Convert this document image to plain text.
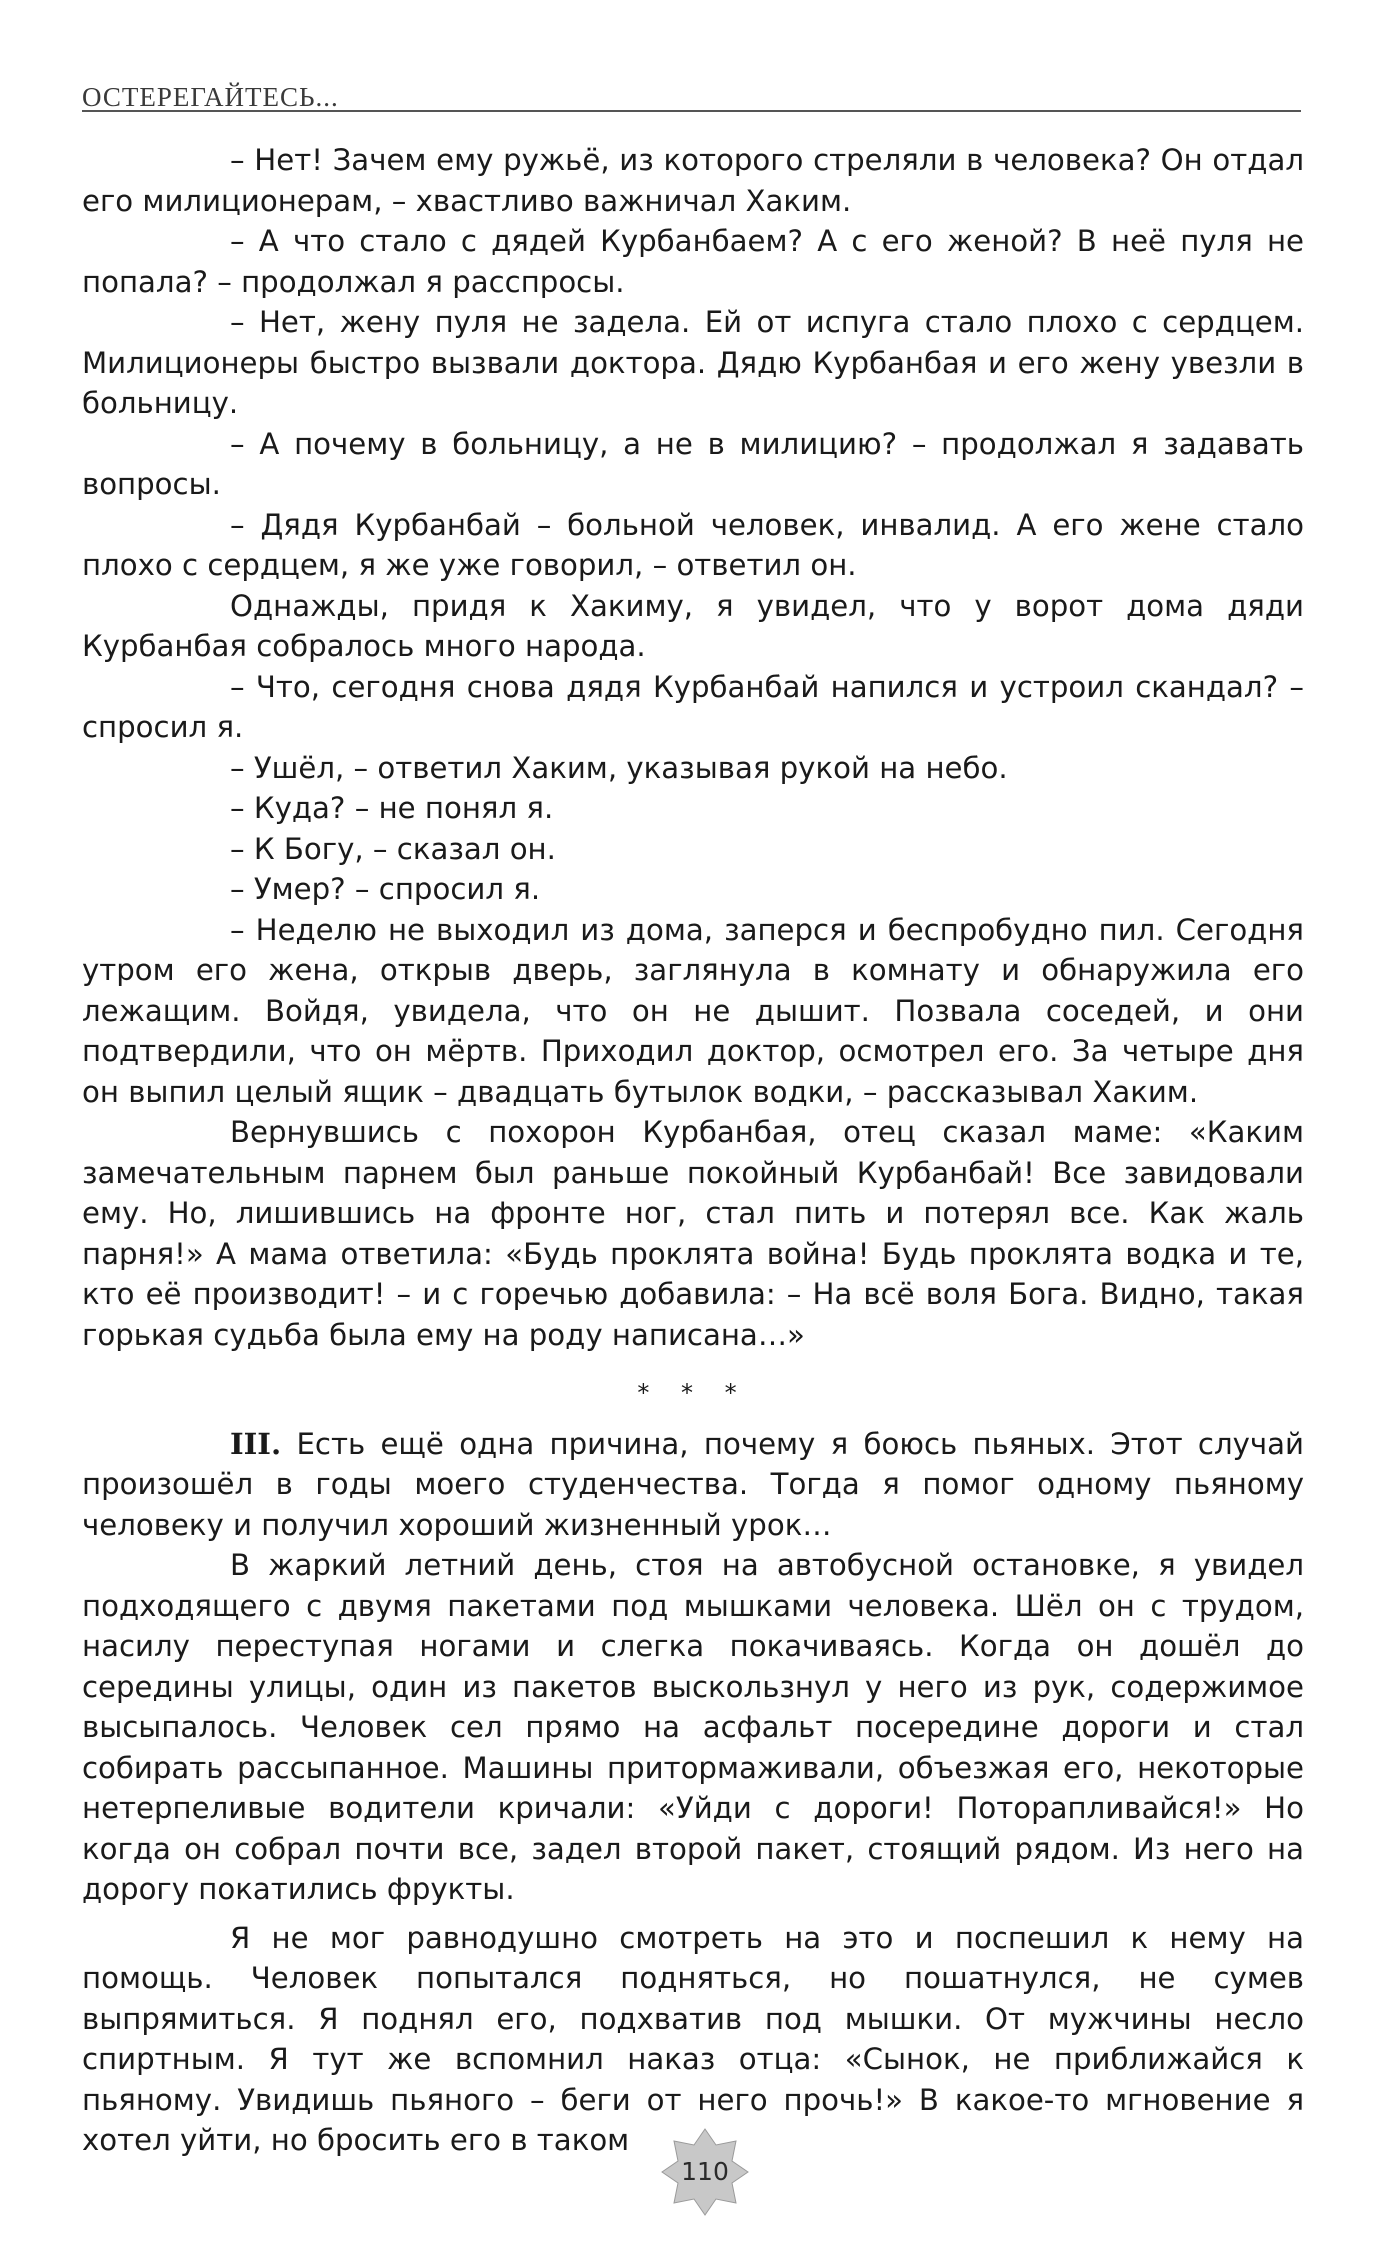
ОСТЕРЕГАЙТЕСЬ...

– Нет! Зачем ему ружьё, из которого стреляли в человека? Он отдал его милиционерам, – хвастливо важничал Хаким.

– А что стало с дядей Курбанбаем? А с его женой? В неё пуля не попала? – продолжал я расспросы.

– Нет, жену пуля не задела. Ей от испуга стало плохо с сердцем. Милиционеры быстро вызвали доктора. Дядю Курбанбая и его жену увезли в больницу.

– А почему в больницу, а не в милицию? – продолжал я задавать вопросы.

– Дядя Курбанбай – больной человек, инвалид. А его жене стало плохо с сердцем, я же уже говорил, – ответил он.

Однажды, придя к Хакиму, я увидел, что у ворот дома дяди Курбанбая собралось много народа.

– Что, сегодня снова дядя Курбанбай напился и устроил скандал? – спросил я.

– Ушёл, – ответил Хаким, указывая рукой на небо.

– Куда? – не понял я.

– К Богу, – сказал он.

– Умер? – спросил я.

– Неделю не выходил из дома, заперся и беспробудно пил. Сегодня утром его жена, открыв дверь, заглянула в комнату и обнаружила его лежащим. Войдя, увидела, что он не дышит. Позвала соседей, и они подтвердили, что он мёртв. Приходил доктор, осмотрел его. За четыре дня он выпил целый ящик – двадцать бутылок водки, – рассказывал Хаким.

Вернувшись с похорон Курбанбая, отец сказал маме: «Каким замечательным парнем был раньше покойный Курбанбай! Все завидовали ему. Но, лишившись на фронте ног, стал пить и потерял все. Как жаль парня!» А мама ответила: «Будь проклята война! Будь проклята водка и те, кто её производит! – и с горечью добавила: – На всё воля Бога. Видно, такая горькая судьба была ему на роду написана…»

* * *

III. Есть ещё одна причина, почему я боюсь пьяных. Этот случай произошёл в годы моего студенчества. Тогда я помог одному пьяному человеку и получил хороший жизненный урок…

В жаркий летний день, стоя на автобусной остановке, я увидел подходящего с двумя пакетами под мышками человека. Шёл он с трудом, насилу переступая ногами и слегка покачиваясь. Когда он дошёл до середины улицы, один из пакетов выскользнул у него из рук, содержимое высыпалось. Человек сел прямо на асфальт посередине дороги и стал собирать рассыпанное. Машины притормаживали, объезжая его, некоторые нетерпеливые водители кричали: «Уйди с дороги! Поторапливайся!» Но когда он собрал почти все, задел второй пакет, стоящий рядом. Из него на дорогу покатились фрукты.

Я не мог равнодушно смотреть на это и поспешил к нему на помощь. Человек попытался подняться, но пошатнулся, не сумев выпрямиться. Я поднял его, подхватив под мышки. От мужчины несло спиртным. Я тут же вспомнил наказ отца: «Сынок, не приближайся к пьяному. Увидишь пьяного – беги от него прочь!» В какое-то мгновение я хотел уйти, но бросить его в таком

110
